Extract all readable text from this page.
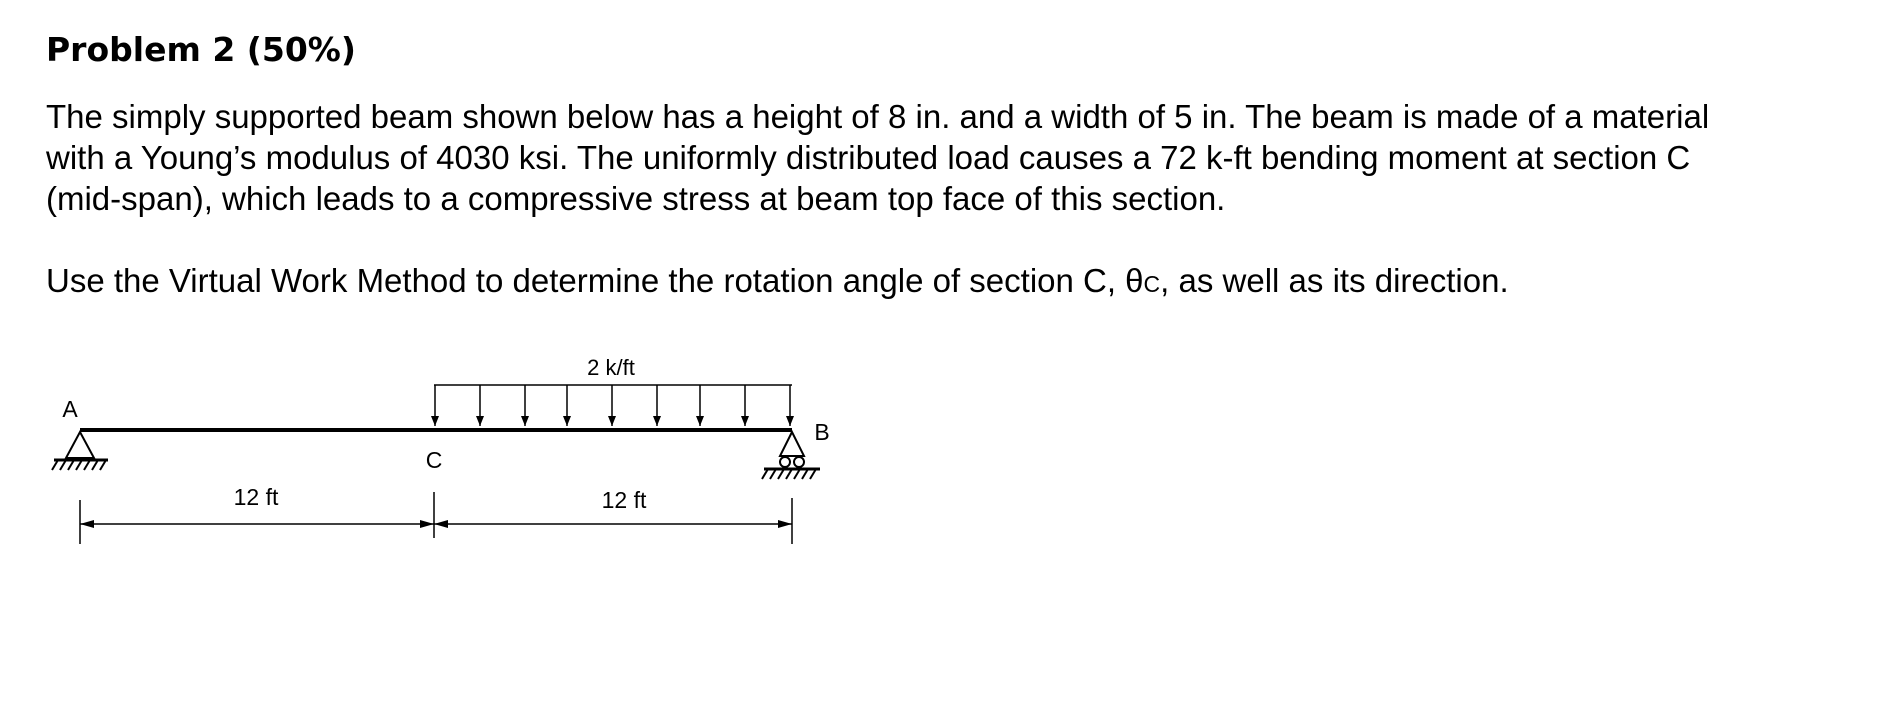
Problem 2 (50%)

The simply supported beam shown below has a height of 8 in. and a width of 5 in. The beam is made of a material

with a Young’s modulus of 4030 ksi. The uniformly distributed load causes a 72 k-ft bending moment at section C

(mid-span), which leads to a compressive stress at beam top face of this section.

Use the Virtual Work Method to determine the rotation angle of section C, θC, as well as its direction.
2 k/ft
A
B
C
12 ft	12 ft
